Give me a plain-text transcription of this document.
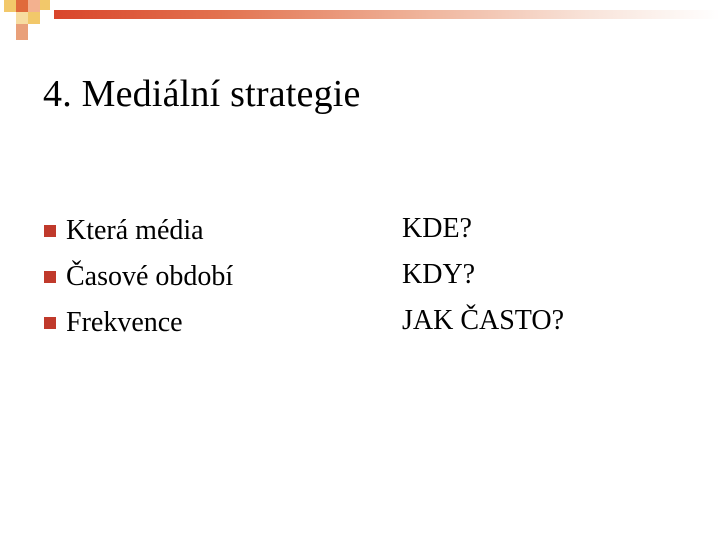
4. Mediální strategie
Která média
Časové období
Frekvence
KDE?
KDY?
JAK ČASTO?
